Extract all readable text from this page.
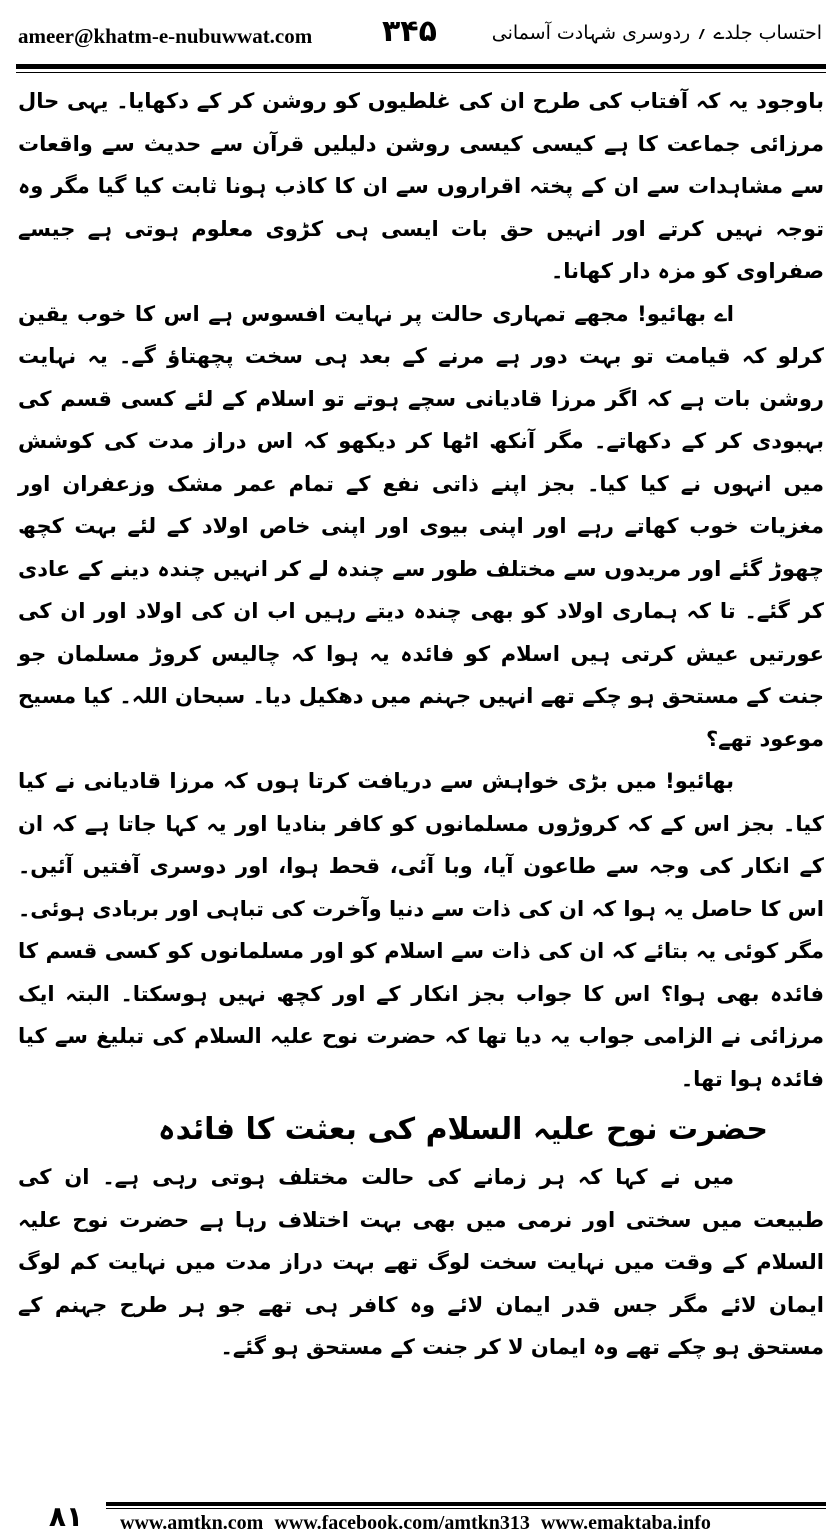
ameer@khatm-e-nubuwwat.com ۳۴۵	احتساب جلدے ؍ ردوسری شہادت آسمانی

باوجود یہ کہ آفتاب کی طرح ان کی غلطیوں کو روشن کر کے دکھایا۔ یہی حال مرزائی جماعت کا ہے کیسی کیسی روشن دلیلیں قرآن سے حدیث سے واقعات سے مشاہدات سے ان کے پختہ اقراروں سے ان کا کاذب ہونا ثابت کیا گیا مگر وہ توجہ نہیں کرتے اور انہیں حق بات ایسی ہی کڑوی معلوم ہوتی ہے جیسے صفراوی کو مزہ دار کھانا۔

اے بھائیو! مجھے تمہاری حالت پر نہایت افسوس ہے اس کا خوب یقین کرلو کہ قیامت تو بہت دور ہے مرنے کے بعد ہی سخت پچھتاؤ گے۔ یہ نہایت روشن بات ہے کہ اگر مرزا قادیانی سچے ہوتے تو اسلام کے لئے کسی قسم کی بہبودی کر کے دکھاتے۔ مگر آنکھ اٹھا کر دیکھو کہ اس دراز مدت کی کوشش میں انہوں نے کیا کیا۔ بجز اپنے ذاتی نفع کے تمام عمر مشک وزعفران اور مغزیات خوب کھاتے رہے اور اپنی بیوی اور اپنی خاص اولاد کے لئے بہت کچھ چھوڑ گئے اور مریدوں سے مختلف طور سے چندہ لے کر انہیں چندہ دینے کے عادی کر گئے۔ تا کہ ہماری اولاد کو بھی چندہ دیتے رہیں اب ان کی اولاد اور ان کی عورتیں عیش کرتی ہیں اسلام کو فائدہ یہ ہوا کہ چالیس کروڑ مسلمان جو جنت کے مستحق ہو چکے تھے انہیں جہنم میں دھکیل دیا۔ سبحان اللہ۔ کیا مسیح موعود تھے؟

بھائیو! میں بڑی خواہش سے دریافت کرتا ہوں کہ مرزا قادیانی نے کیا کیا۔ بجز اس کے کہ کروڑوں مسلمانوں کو کافر بنادیا اور یہ کہا جاتا ہے کہ ان کے انکار کی وجہ سے طاعون آیا، وبا آئی، قحط ہوا، اور دوسری آفتیں آئیں۔ اس کا حاصل یہ ہوا کہ ان کی ذات سے دنیا وآخرت کی تباہی اور بربادی ہوئی۔ مگر کوئی یہ بتائے کہ ان کی ذات سے اسلام کو اور مسلمانوں کو کسی قسم کا فائدہ بھی ہوا؟ اس کا جواب بجز انکار کے اور کچھ نہیں ہوسکتا۔ البتہ ایک مرزائی نے الزامی جواب یہ دیا تھا کہ حضرت نوح علیہ السلام کی تبلیغ سے کیا فائدہ ہوا تھا۔

حضرت نوح علیہ السلام کی بعثت کا فائدہ

میں نے کہا کہ ہر زمانے کی حالت مختلف ہوتی رہی ہے۔ ان کی طبیعت میں سختی اور نرمی میں بھی بہت اختلاف رہا ہے حضرت نوح علیہ السلام کے وقت میں نہایت سخت لوگ تھے بہت دراز مدت میں نہایت کم لوگ ایمان لائے مگر جس قدر ایمان لائے وہ کافر ہی تھے جو ہر طرح جہنم کے مستحق ہو چکے تھے وہ ایمان لا کر جنت کے مستحق ہو گئے۔

۸۱	www.amtkn.com www.facebook.com/amtkn313 www.emaktaba.info
